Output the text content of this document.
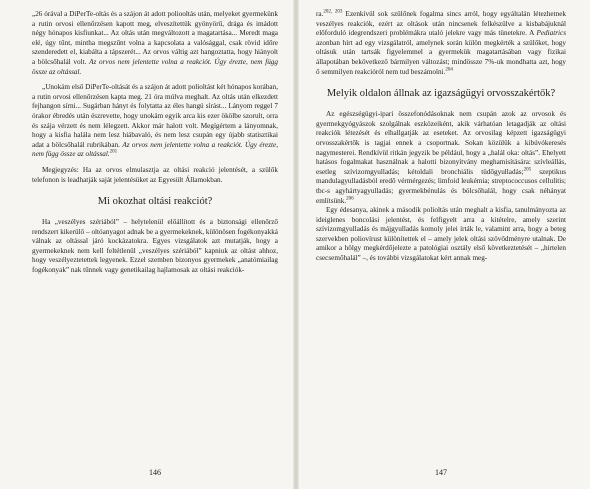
„26 órával a DiPerTe-oltás és a szájon át adott poliooltás után, melyeket gyermekünk a rutin orvosi ellenőrzésen kapott meg, elveszítettük gyönyörű, drága és imádott négy hónapos kisfiunkat... Az oltás után megváltozott a magatartása... Meredt maga elé, úgy tűnt, mintha megszűnt volna a kapcsolata a valósággal, csak rövid időre szenderedett el, kiabálta a tápszerét... Az orvos váltig azt hangoztatta, hogy hiányolt a bölcsőhalál volt. Az orvos nem jelentette volna a reakciót. Úgy érezte, nem függ össze az oltással.

„Unokám első DiPerTe-oltását és a szájon át adott polioltást két hónapos korában, a rutin orvosi ellenőrzésen kapta meg. 21 óra múlva meghalt. Az oltás után elkezdett fejhangon sírni... Sugárban hányt és folytatta az éles hangú sírást... Lányom reggel 7 órakor ébredés után észrevette, hogy unokám egyik arca kis ezer ökölbe szorult, orra és szája vérzett és nem lélegzett. Akkor már halott volt. Megígértem a lányomnak, hogy a kisfia halála nem lesz hiábavaló, és nem lesz csupán egy újabb statisztikai adat a bölcsőhalál rubrikában. Az orvos nem jelentette volna a reakciót. Úgy érezte, nem függ össze az oltással.$^{201}$

Megjegyzés: Ha az orvos elmulasztja az oltási reakció jelentését, a szülők telefonon is leadhatják saját jelentésüket az Egyesült Államokban.

Mi okozhat oltási reakciót?

Ha „veszélyes szériából” – helytelenül előállított és a biztonsági ellenőrző rendszert kikerülő – oltóanyagot adnak be a gyermekeknek, különösen fogékonyakká válnak az oltással járó kockázatokra. Egyes vizsgálatok azt mutatják, hogy a gyermekeknek nem kell feltétlenül „veszélyes szériából” kapniuk az oltást ahhoz, hogy veszélyeztetettek legyenek. Ezzel szemben bizonyos gyermekek „anatómiailag fogékonyak” nak tűnnek vagy genetikailag hajlamosak az oltási reakciók-

146

ra.$^{202, 203}$ Ezenkívül sok szülőnek fogalma sincs arról, hogy egyáltalán létezhetnek veszélyes reakciók, ezért az oltások után nincsenek felkészülve a kisbabájuknál előforduló idegrendszeri problémákra utaló jelekre vagy más tünetekre. A Pediatrics azonban hírt ad egy vizsgálatról, amelynek során külön megkérték a szülőket, hogy oltásuk után tartsák figyelemmel a gyermekük magatartásában vagy fizikai állapotában bekövetkező bármilyen változást; mindössze 7%-uk mondhatta azt, hogy ő semmilyen reakcióról nem tud beszámolni.$^{204}$

Melyik oldalon állnak az igazságügyi orvosszakértők?

Az egészségügyi-ipari összefonódásoknak nem csupán azok az orvosok és gyermekgyógyászok szolgálnak eszközeiként, akik várhatóan letagadják az oltási reakciók létezését és elhallgatják az eseteket. Az orvosilag képzett igazságügyi orvosszakértők is tagjai ennek a csoportnak. Sokan közülük a kibúvókeresés nagymesterei. Rendkívül ritkán jegyzik be például, hogy a „halál oka: oltás”. Ehelyett hatásos fogalmakat használnak a halotti bizonyítvány meghamisítására: szívleállás, esetleg szívizomgyulladás; kétoldali bronchiális tüdőgyulladás;$^{205}$ szeptikus mandulagyulladásból eredő vérmérgezés; limfoid leukémia; streptococcusos cellulitis; tbc-s agyhártyagyulladás; gyermekbénulás és bölcsőhalál, hogy csak néhányat említsünk.$^{206}$

Egy édesanya, akinek a második polioltás után meghalt a kisfia, tanulmányozta az ideiglenes boncolási jelentést, és felfigyelt arra a kitételre, amely szerint szívizomgyulladás és májgyulladás komoly jelei írták le, valamint arra, hogy a beteg szervekben poliovírust különítettek el – amely jelek oltási szövődményre utalnak. De amikor a hölgy megkérdőjelezte a patológiai osztály első következtetését – „hirtelen csecsemőhalál” –, és további vizsgálatokat kért annak meg-

147
